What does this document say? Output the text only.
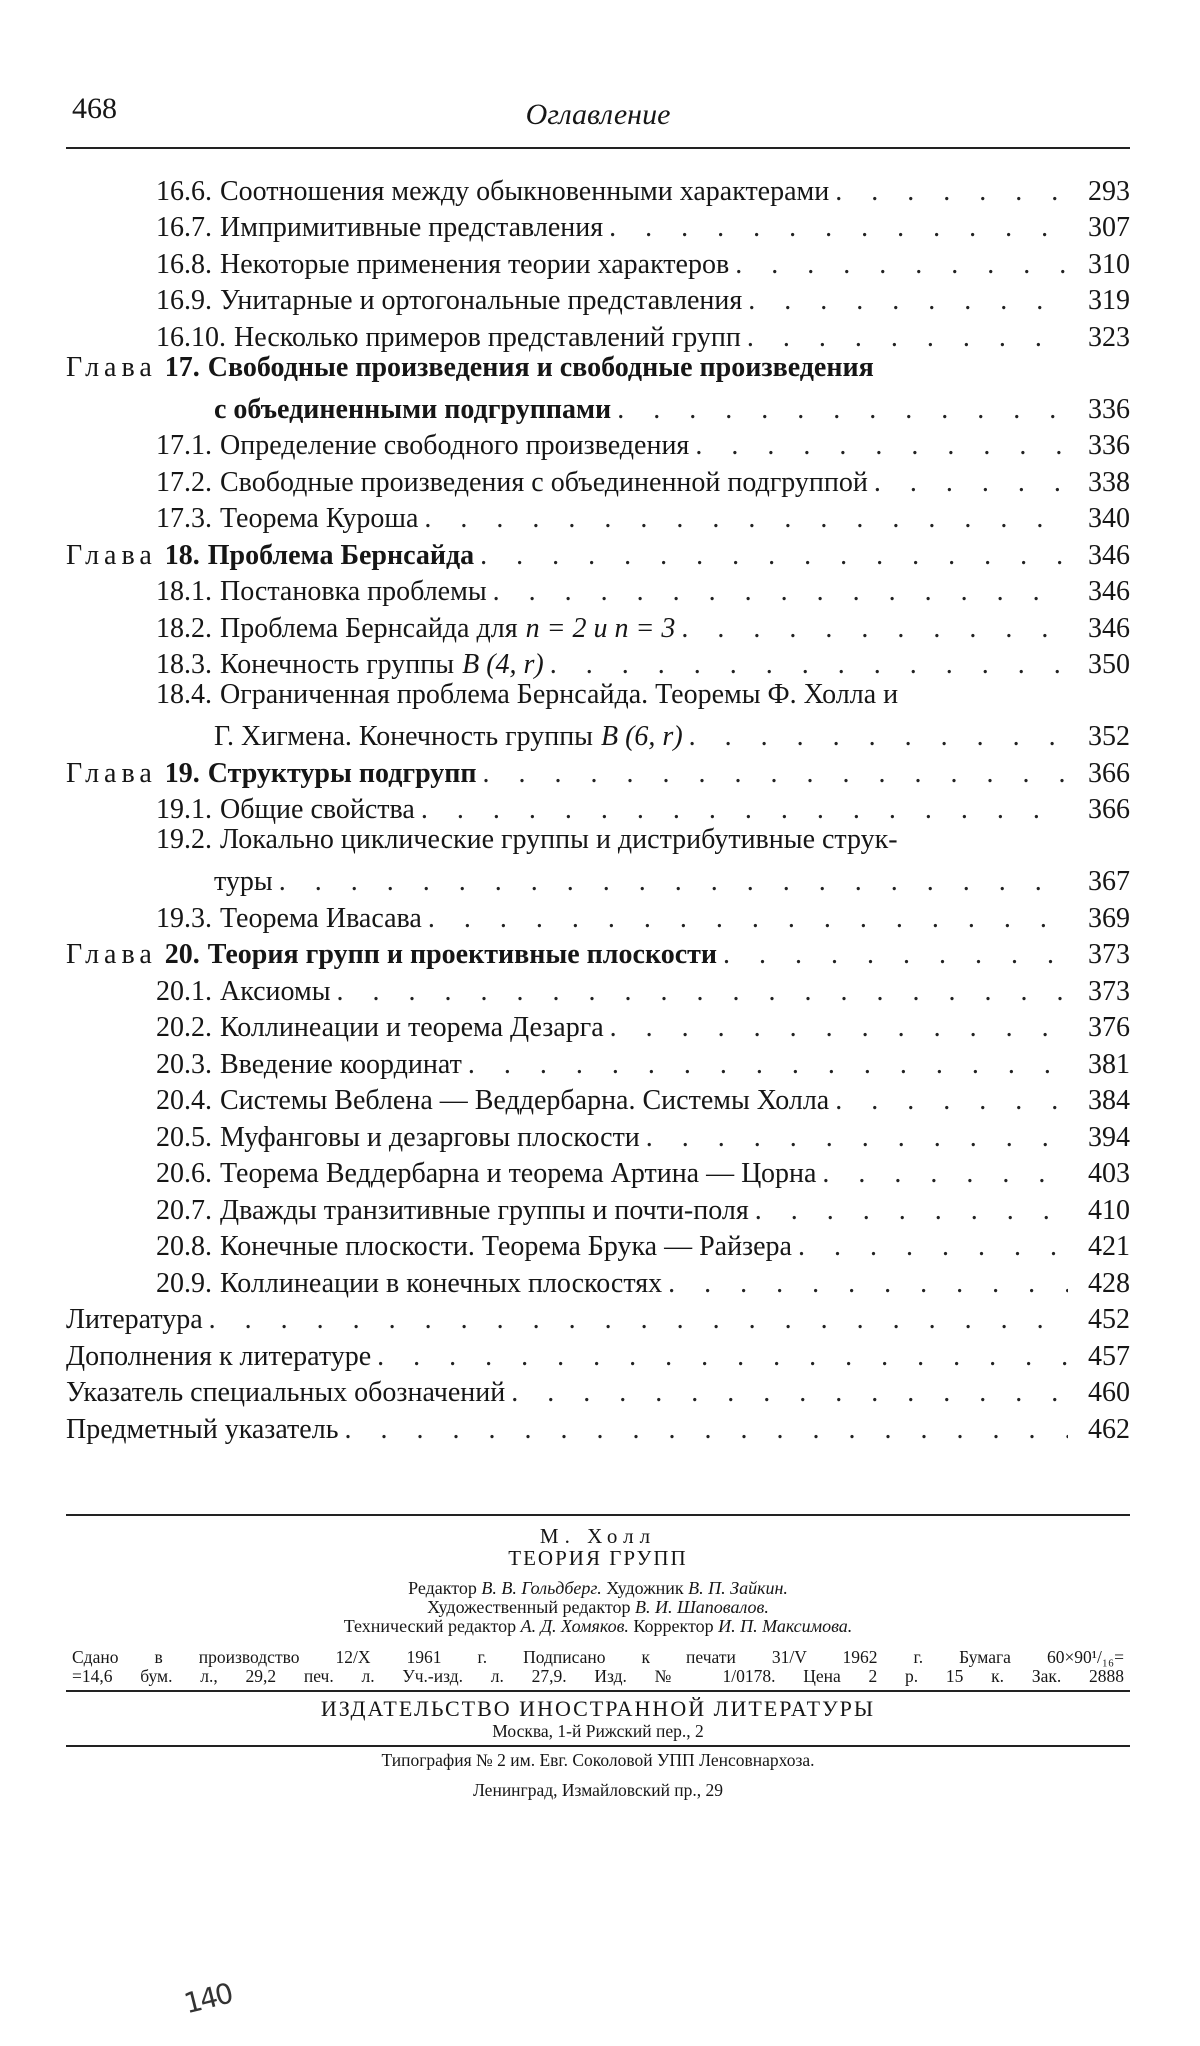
468	Оглавление
16.6. Соотношения между обыкновенными характерами . . .	293
16.7. Импримитивные представления . . .	307
16.8. Некоторые применения теории характеров . . .	310
16.9. Унитарные и ортогональные представления . . .	319
16.10. Несколько примеров представлений групп . . .	323
Глава 17. Свободные произведения и свободные произведения
с объединенными подгруппами . . .	336
17.1. Определение свободного произведения . . .	336
17.2. Свободные произведения с объединенной подгруппой . . .	338
17.3. Теорема Куроша . . .	340
Глава 18. Проблема Бернсайда . . .	346
18.1. Постановка проблемы . . .	346
18.2. Проблема Бернсайда для n = 2 и n = 3 . . .	346
18.3. Конечность группы B (4, r) . . .	350
18.4. Ограниченная проблема Бернсайда. Теоремы Ф. Холла и
Г. Хигмена. Конечность группы B (6, r) . . .	352
Глава 19. Структуры подгрупп . . .	366
19.1. Общие свойства . . .	366
19.2. Локально циклические группы и дистрибутивные струк-
туры . . .	367
19.3. Теорема Ивасава . . .	369
Глава 20. Теория групп и проективные плоскости . . .	373
20.1. Аксиомы . . .	373
20.2. Коллинеации и теорема Дезарга . . .	376
20.3. Введение координат . . .	381
20.4. Системы Веблена — Веддербарна. Системы Холла . . .	384
20.5. Муфанговы и дезарговы плоскости . . .	394
20.6. Теорема Веддербарна и теорема Артина — Цорна . . .	403
20.7. Дважды транзитивные группы и почти-поля . . .	410
20.8. Конечные плоскости. Теорема Брука — Райзера . . .	421
20.9. Коллинеации в конечных плоскостях . . .	428
Литература . . .	452
Дополнения к литературе . . .	457
Указатель специальных обозначений . . .	460
Предметный указатель . . .	462
М. Холл
ТЕОРИЯ ГРУПП
Редактор В. В. Гольдберг. Художник В. П. Зайкин.
Художественный редактор В. И. Шаповалов.
Технический редактор А. Д. Хомяков. Корректор И. П. Максимова.
Сдано в производство 12/X 1961 г. Подписано к печати 31/V 1962 г. Бумага 60×90¹/₁₆=
=14,6 бум. л., 29,2 печ. л. Уч.-изд. л. 27,9. Изд. № 1/0178. Цена 2 р. 15 к. Зак. 2888
ИЗДАТЕЛЬСТВО ИНОСТРАННОЙ ЛИТЕРАТУРЫ
Москва, 1-й Рижский пер., 2
Типография № 2 им. Евг. Соколовой УПП Ленсовнархоза.
Ленинград, Измайловский пр., 29
140
